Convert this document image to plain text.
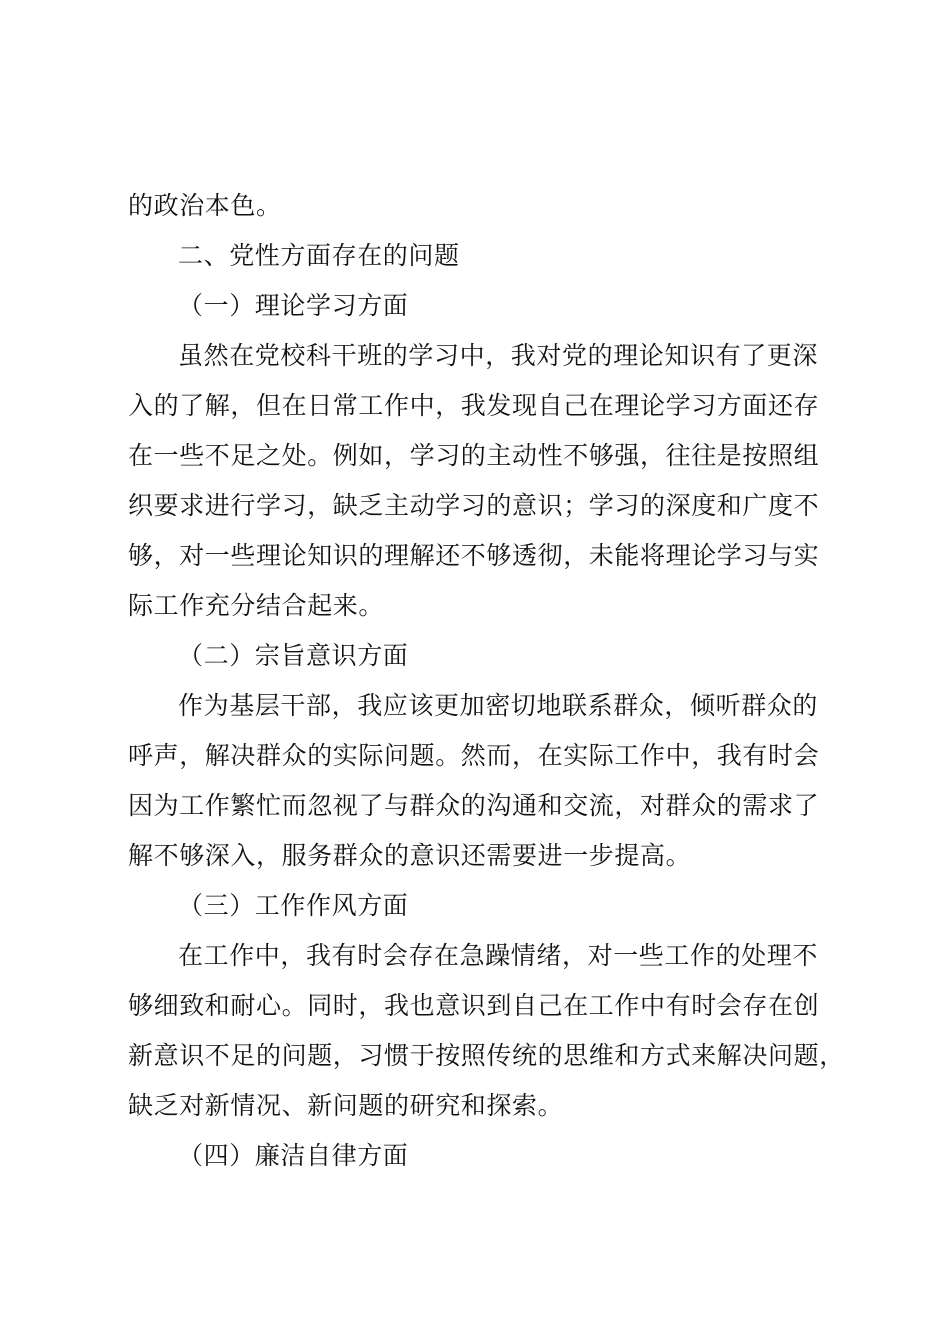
的政治本色。
二、党性方面存在的问题
（一）理论学习方面
虽然在党校科干班的学习中，我对党的理论知识有了更深
入的了解，但在日常工作中，我发现自己在理论学习方面还存
在一些不足之处。例如，学习的主动性不够强，往往是按照组
织要求进行学习，缺乏主动学习的意识；学习的深度和广度不
够，对一些理论知识的理解还不够透彻，未能将理论学习与实
际工作充分结合起来。
（二）宗旨意识方面
作为基层干部，我应该更加密切地联系群众，倾听群众的
呼声，解决群众的实际问题。然而，在实际工作中，我有时会
因为工作繁忙而忽视了与群众的沟通和交流，对群众的需求了
解不够深入，服务群众的意识还需要进一步提高。
（三）工作作风方面
在工作中，我有时会存在急躁情绪，对一些工作的处理不
够细致和耐心。同时，我也意识到自己在工作中有时会存在创
新意识不足的问题，习惯于按照传统的思维和方式来解决问题，
缺乏对新情况、新问题的研究和探索。
（四）廉洁自律方面
